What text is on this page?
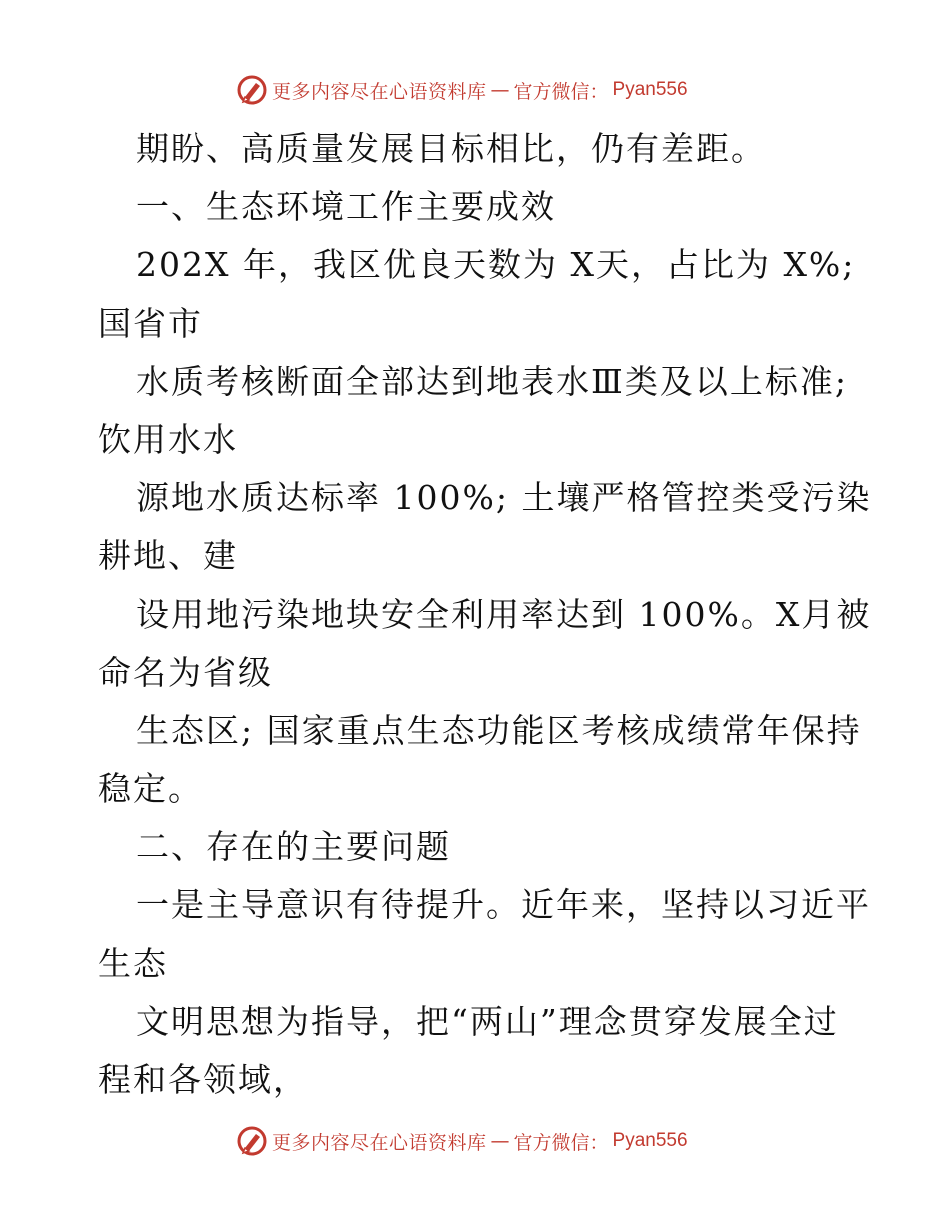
更多内容尽在心语资料库 — 官方微信： Pyan556
期盼、高质量发展目标相比，仍有差距。
一、生态环境工作主要成效
202X 年，我区优良天数为 X天，占比为 X%;
国省市
水质考核断面全部达到地表水Ⅲ类及以上标准;
饮用水水
源地水质达标率 100%; 土壤严格管控类受污染
耕地、建
设用地污染地块安全利用率达到 100%。X月被
命名为省级
生态区; 国家重点生态功能区考核成绩常年保持
稳定。
二、存在的主要问题
一是主导意识有待提升。近年来，坚持以习近平
生态
文明思想为指导，把“两山”理念贯穿发展全过
程和各领域，
更多内容尽在心语资料库 — 官方微信： Pyan556
